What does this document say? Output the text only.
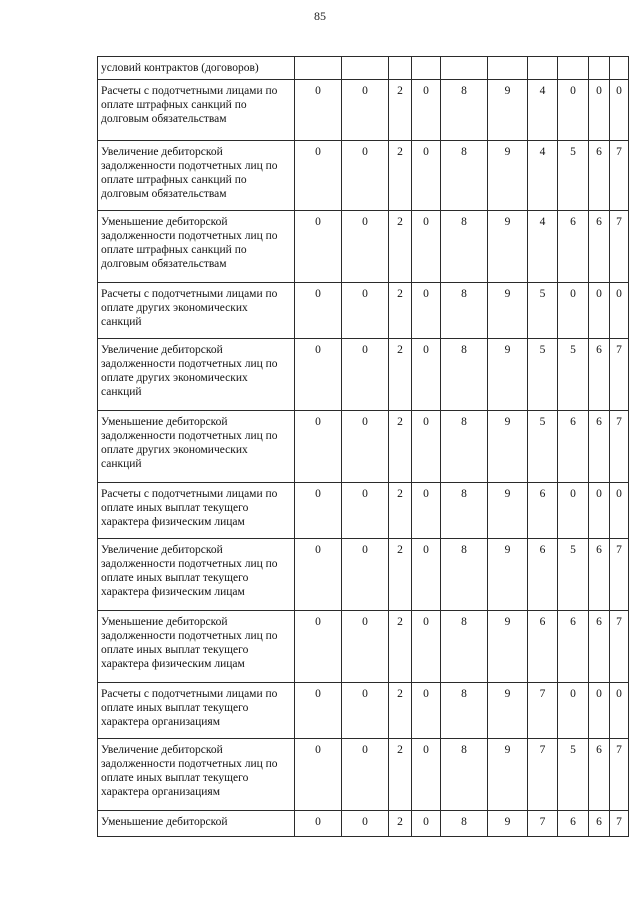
85
условий контрактов (договоров)										
Расчеты с подотчетными лицами по оплате штрафных санкций по долговым обязательствам	0	0	2	0	8	9	4	0	0	0
Увеличение дебиторской задолженности подотчетных лиц по оплате штрафных санкций по долговым обязательствам	0	0	2	0	8	9	4	5	6	7
Уменьшение дебиторской задолженности подотчетных лиц по оплате штрафных санкций по долговым обязательствам	0	0	2	0	8	9	4	6	6	7
Расчеты с подотчетными лицами по оплате других экономических санкций	0	0	2	0	8	9	5	0	0	0
Увеличение дебиторской задолженности подотчетных лиц по оплате других экономических санкций	0	0	2	0	8	9	5	5	6	7
Уменьшение дебиторской задолженности подотчетных лиц по оплате других экономических санкций	0	0	2	0	8	9	5	6	6	7
Расчеты с подотчетными лицами по оплате иных выплат текущего характера физическим лицам	0	0	2	0	8	9	6	0	0	0
Увеличение дебиторской задолженности подотчетных лиц по оплате иных выплат текущего характера физическим лицам	0	0	2	0	8	9	6	5	6	7
Уменьшение дебиторской задолженности подотчетных лиц по оплате иных выплат текущего характера физическим лицам	0	0	2	0	8	9	6	6	6	7
Расчеты с подотчетными лицами по оплате иных выплат текущего характера организациям	0	0	2	0	8	9	7	0	0	0
Увеличение дебиторской задолженности подотчетных лиц по оплате иных выплат текущего характера организациям	0	0	2	0	8	9	7	5	6	7
Уменьшение дебиторской	0	0	2	0	8	9	7	6	6	7
